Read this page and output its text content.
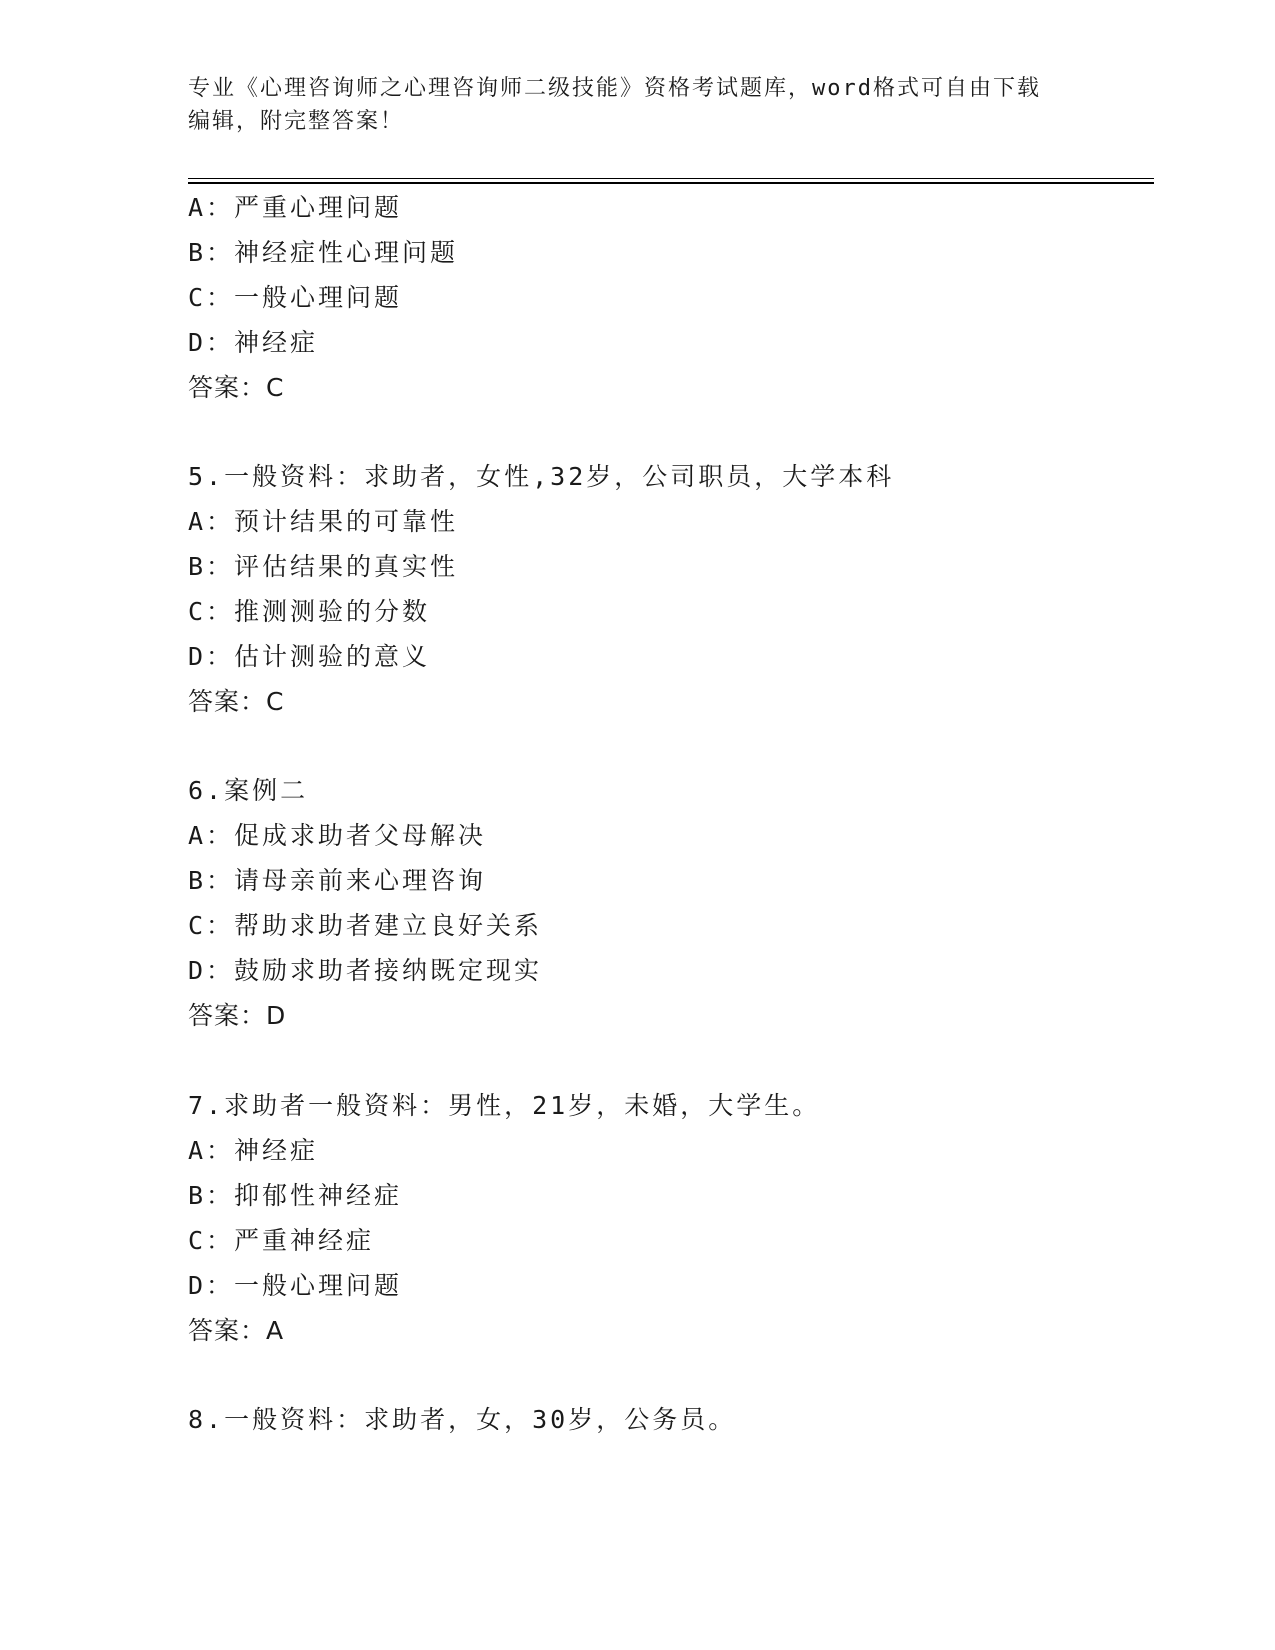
专业《心理咨询师之心理咨询师二级技能》资格考试题库，word格式可自由下载
编辑，附完整答案！
A：严重心理问题
B：神经症性心理问题
C：一般心理问题
D：神经症
答案：C
5.一般资料：求助者，女性,32岁，公司职员，大学本科
A：预计结果的可靠性
B：评估结果的真实性
C：推测测验的分数
D：估计测验的意义
答案：C
6.案例二
A：促成求助者父母解决
B：请母亲前来心理咨询
C：帮助求助者建立良好关系
D：鼓励求助者接纳既定现实
答案：D
7.求助者一般资料：男性，21岁，未婚，大学生。
A：神经症
B：抑郁性神经症
C：严重神经症
D：一般心理问题
答案：A
8.一般资料：求助者，女，30岁，公务员。
